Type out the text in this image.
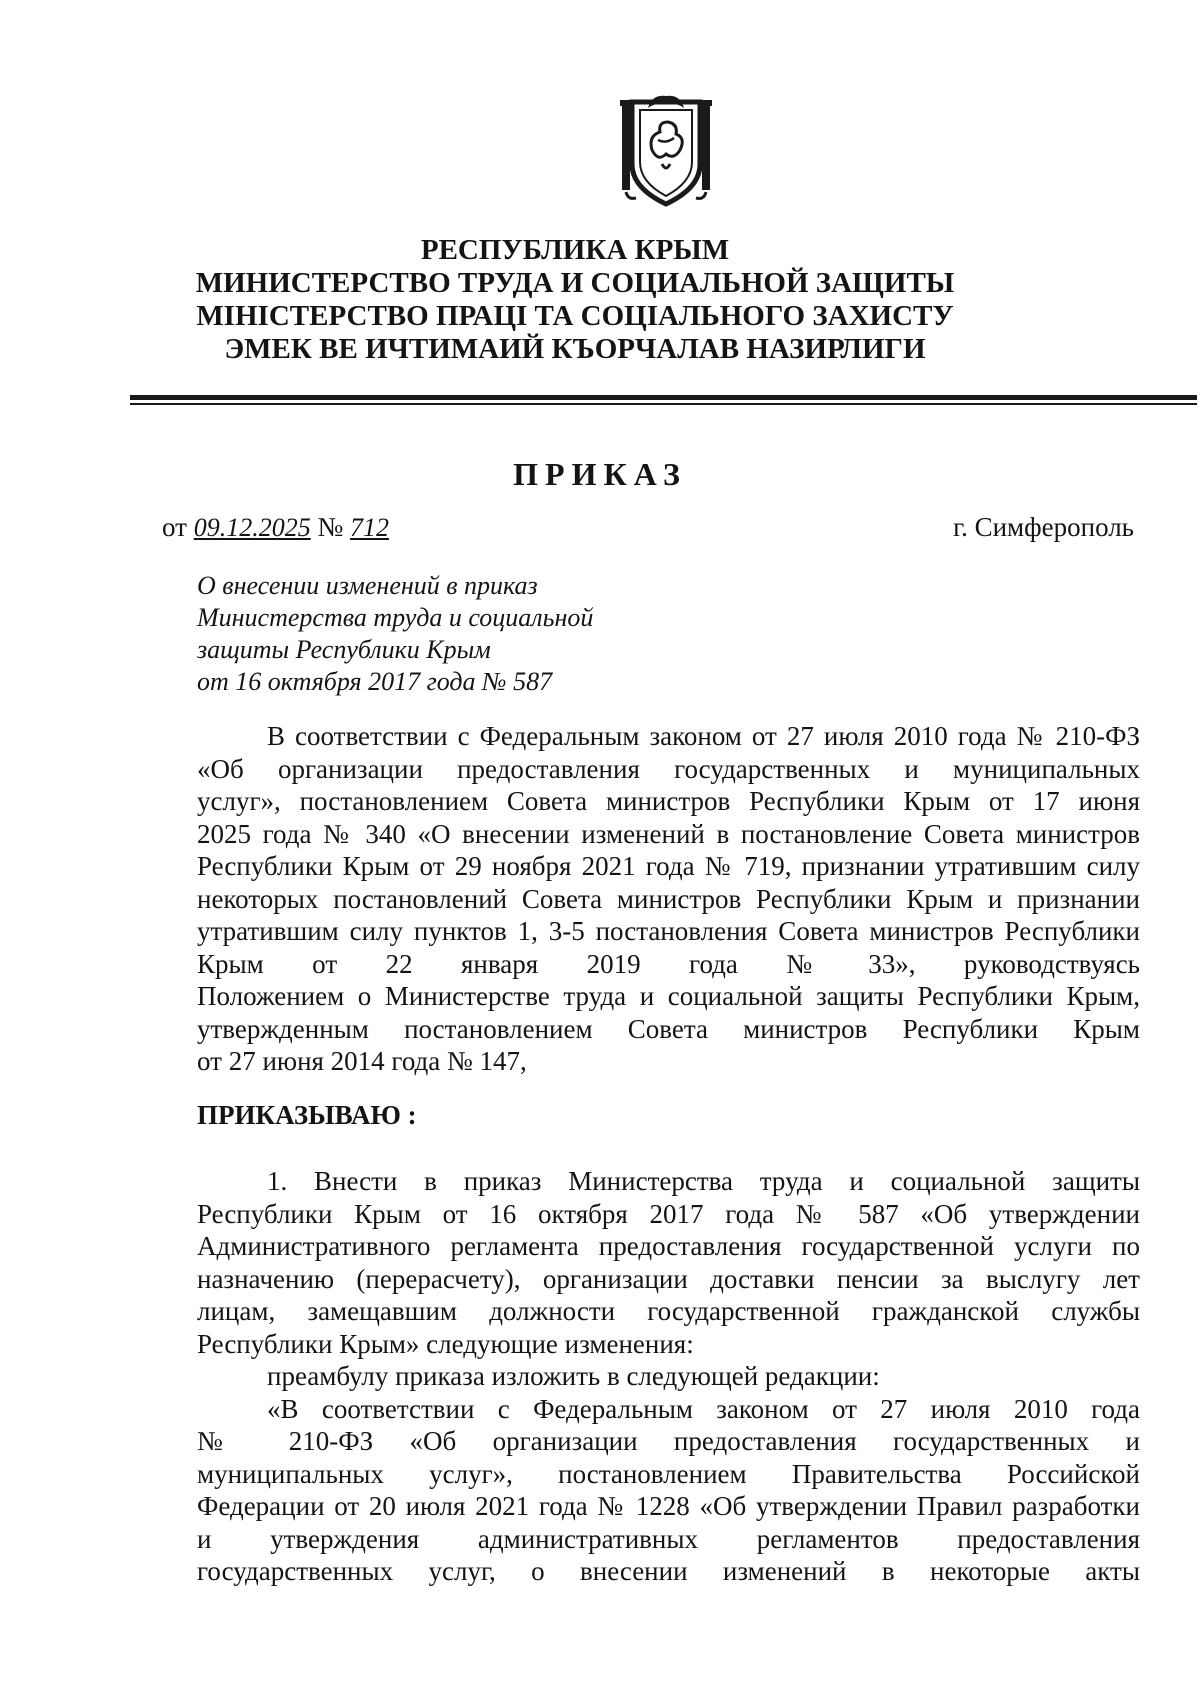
РЕСПУБЛИКА КРЫМ
МИНИСТЕРСТВО ТРУДА И СОЦИАЛЬНОЙ ЗАЩИТЫ
МІНІСТЕРСТВО ПРАЦІ ТА СОЦІАЛЬНОГО ЗАХИСТУ
ЭМЕК ВЕ ИЧТИМАИЙ КЪОРЧАЛАВ НАЗИРЛИГИ
ПРИКАЗ
от 09.12.2025 № 712	г. Симферополь
О внесении изменений в приказ
Министерства труда и социальной
защиты Республики Крым
от 16 октября 2017 года № 587
В соответствии с Федеральным законом от 27 июля 2010 года № 210-ФЗ
«Об организации предоставления государственных и муниципальных
услуг», постановлением Совета министров Республики Крым от 17 июня
2025 года № 340 «О внесении изменений в постановление Совета министров
Республики Крым от 29 ноября 2021 года № 719, признании утратившим силу
некоторых постановлений Совета министров Республики Крым и признании
утратившим силу пунктов 1, 3-5 постановления Совета министров Республики
Крым от 22 января 2019 года № 33», руководствуясь
Положением о Министерстве труда и социальной защиты Республики Крым,
утвержденным постановлением Совета министров Республики Крым
от 27 июня 2014 года № 147,
ПРИКАЗЫВАЮ :
1. Внести в приказ Министерства труда и социальной защиты
Республики Крым от 16 октября 2017 года № 587 «Об утверждении
Административного регламента предоставления государственной услуги по
назначению (перерасчету), организации доставки пенсии за выслугу лет
лицам, замещавшим должности государственной гражданской службы
Республики Крым» следующие изменения:
преамбулу приказа изложить в следующей редакции:
«В соответствии с Федеральным законом от 27 июля 2010 года
№ 210-ФЗ «Об организации предоставления государственных и
муниципальных услуг», постановлением Правительства Российской
Федерации от 20 июля 2021 года № 1228 «Об утверждении Правил разработки
и утверждения административных регламентов предоставления
государственных услуг, о внесении изменений в некоторые акты
